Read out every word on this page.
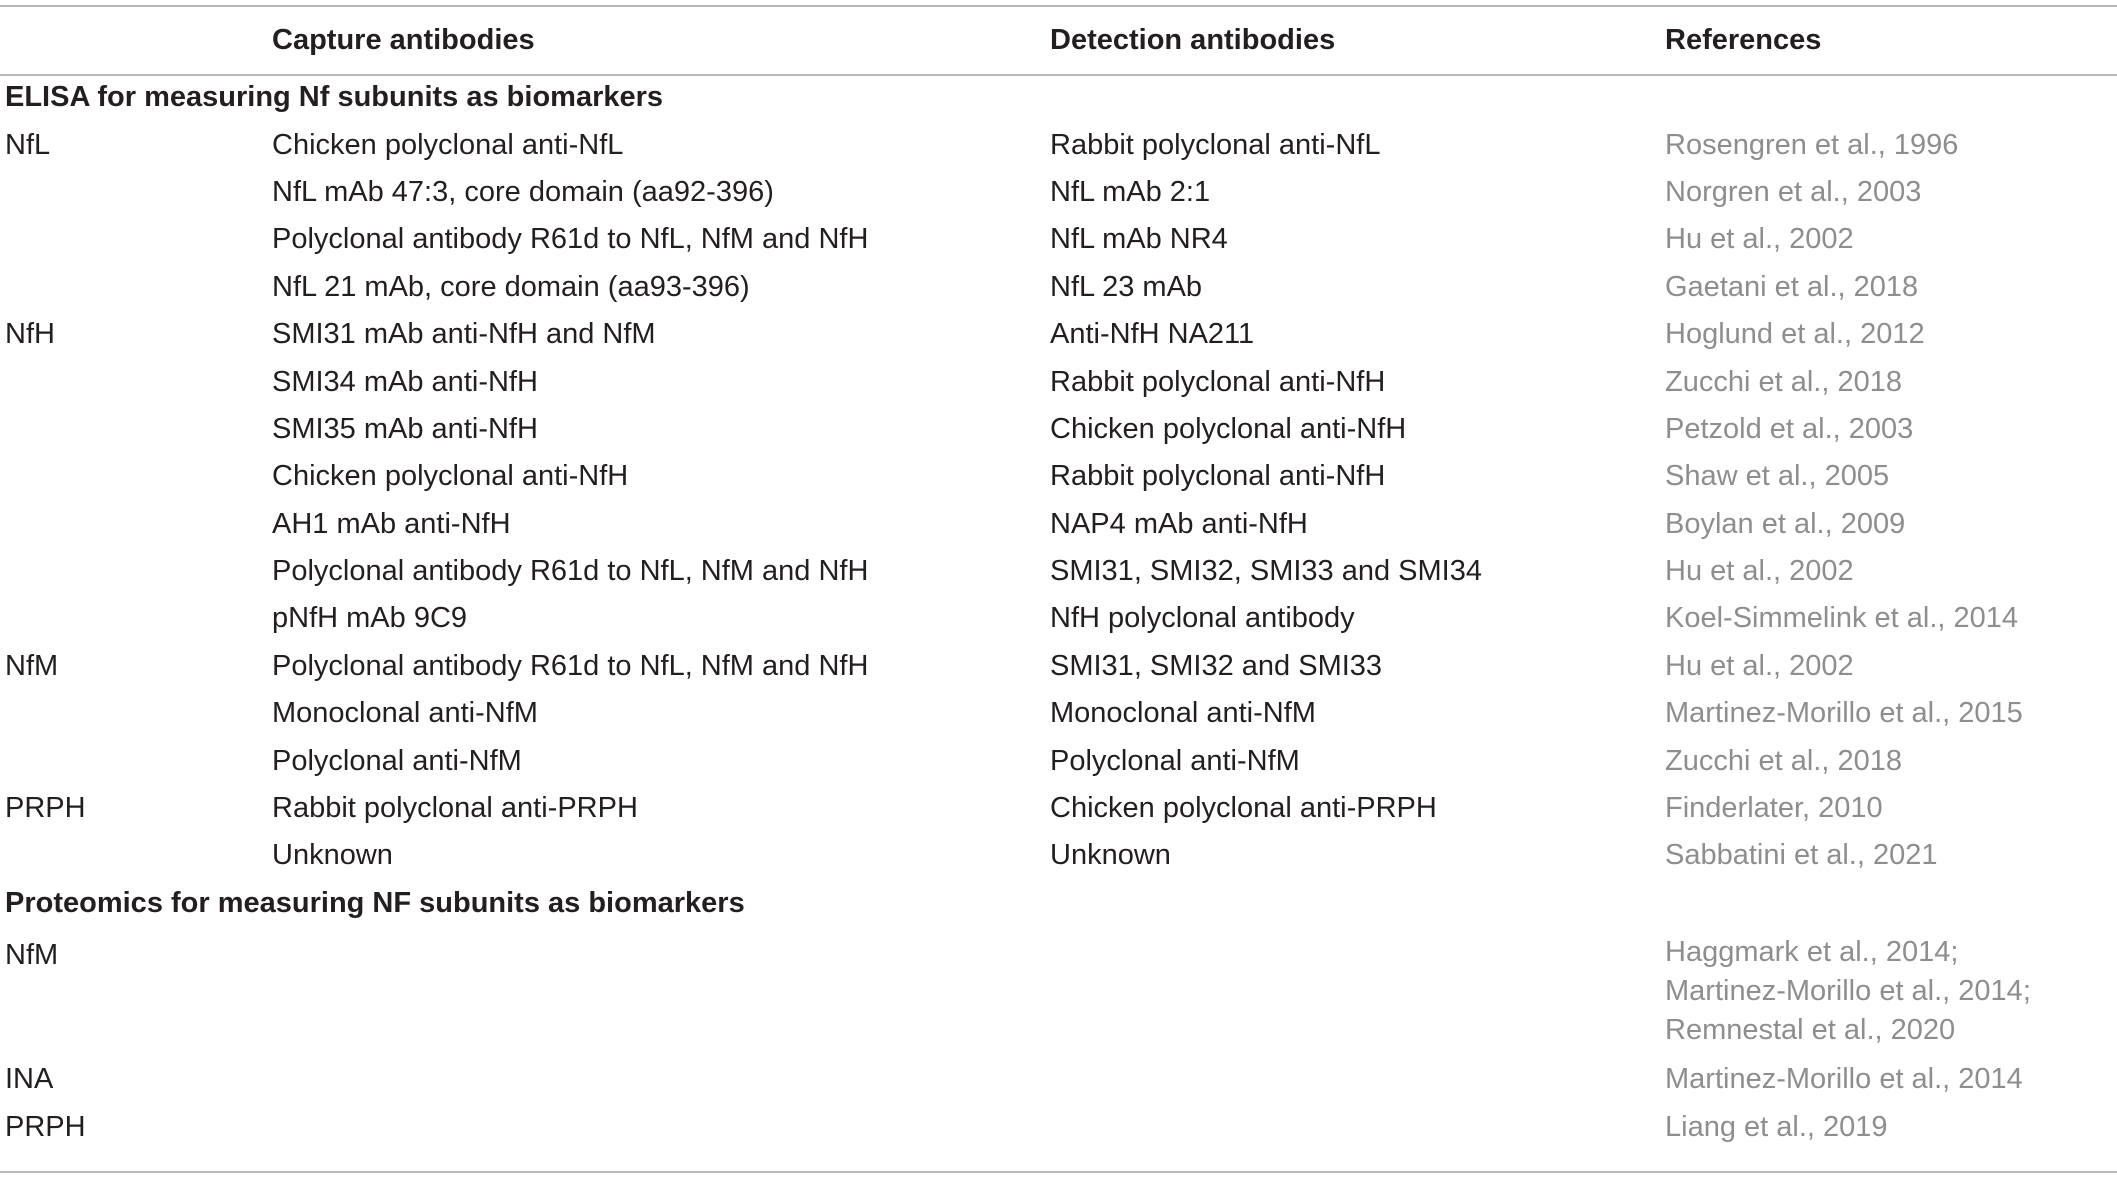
	Capture antibodies	Detection antibodies	References
ELISA for measuring Nf subunits as biomarkers			
NfL	Chicken polyclonal anti-NfL	Rabbit polyclonal anti-NfL	Rosengren et al., 1996
	NfL mAb 47:3, core domain (aa92-396)	NfL mAb 2:1	Norgren et al., 2003
	Polyclonal antibody R61d to NfL, NfM and NfH	NfL mAb NR4	Hu et al., 2002
	NfL 21 mAb, core domain (aa93-396)	NfL 23 mAb	Gaetani et al., 2018
NfH	SMI31 mAb anti-NfH and NfM	Anti-NfH NA211	Hoglund et al., 2012
	SMI34 mAb anti-NfH	Rabbit polyclonal anti-NfH	Zucchi et al., 2018
	SMI35 mAb anti-NfH	Chicken polyclonal anti-NfH	Petzold et al., 2003
	Chicken polyclonal anti-NfH	Rabbit polyclonal anti-NfH	Shaw et al., 2005
	AH1 mAb anti-NfH	NAP4 mAb anti-NfH	Boylan et al., 2009
	Polyclonal antibody R61d to NfL, NfM and NfH	SMI31, SMI32, SMI33 and SMI34	Hu et al., 2002
	pNfH mAb 9C9	NfH polyclonal antibody	Koel-Simmelink et al., 2014
NfM	Polyclonal antibody R61d to NfL, NfM and NfH	SMI31, SMI32 and SMI33	Hu et al., 2002
	Monoclonal anti-NfM	Monoclonal anti-NfM	Martinez-Morillo et al., 2015
	Polyclonal anti-NfM	Polyclonal anti-NfM	Zucchi et al., 2018
PRPH	Rabbit polyclonal anti-PRPH	Chicken polyclonal anti-PRPH	Finderlater, 2010
	Unknown	Unknown	Sabbatini et al., 2021
Proteomics for measuring NF subunits as biomarkers			
NfM			Haggmark et al., 2014;
Martinez-Morillo et al., 2014;
Remnestal et al., 2020

INA			Martinez-Morillo et al., 2014

PRPH			Liang et al., 2019
